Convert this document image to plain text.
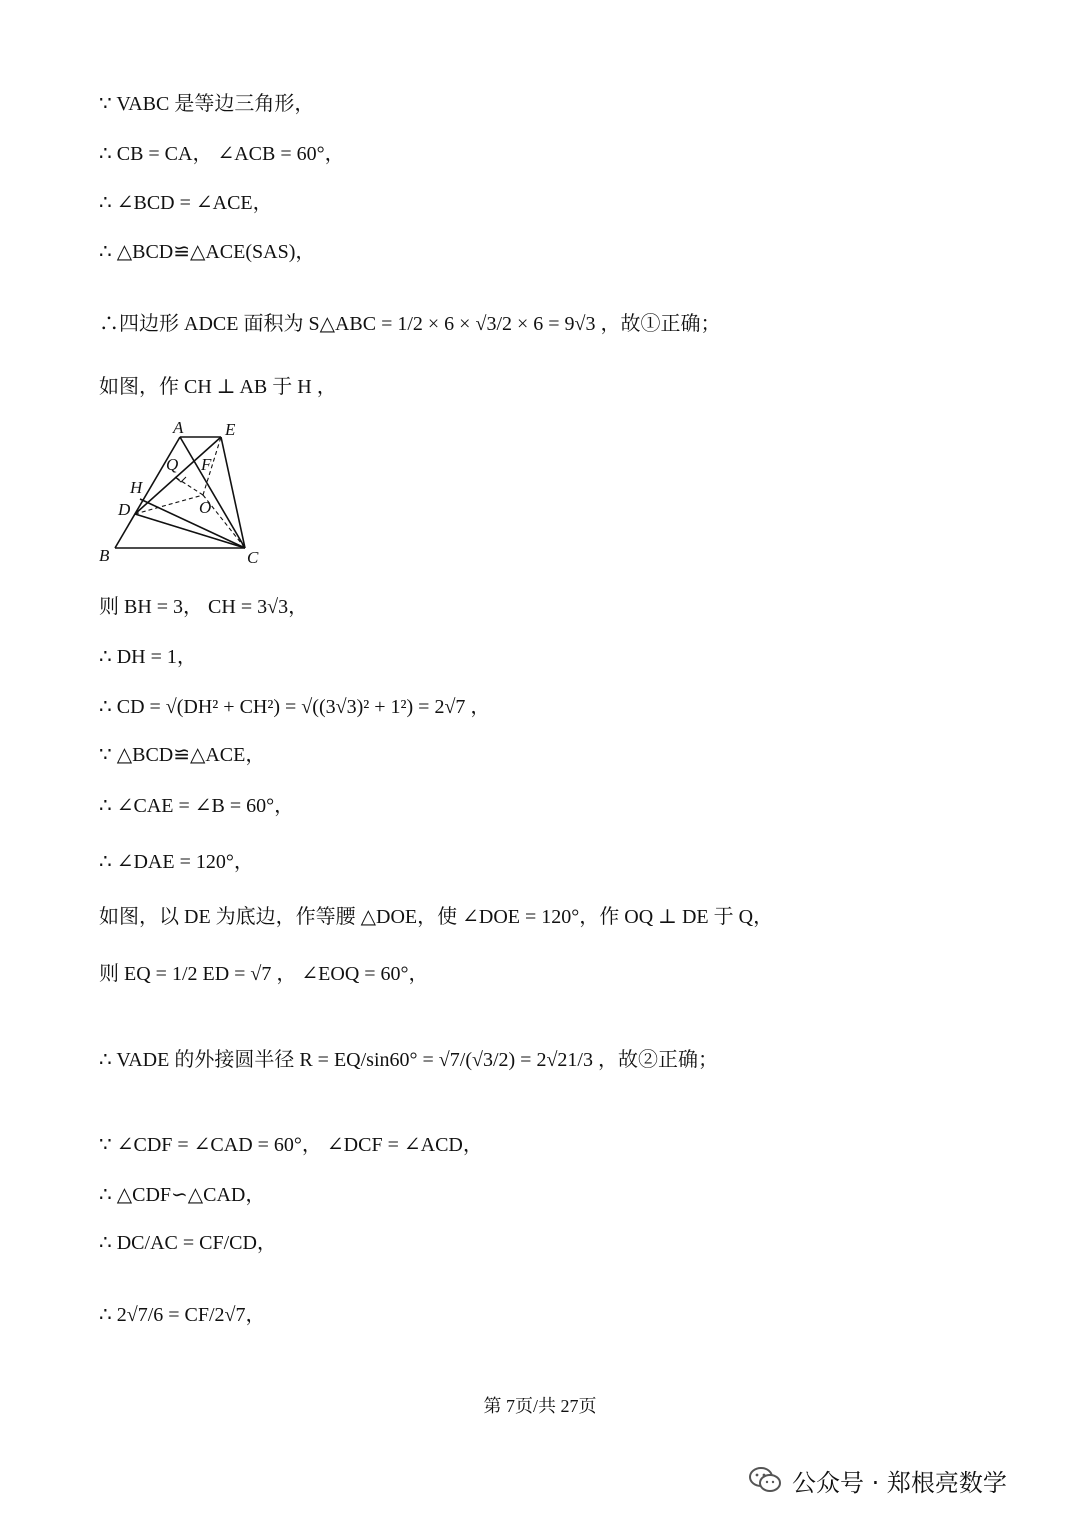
∵ VABC 是等边三角形，
∴ CB = CA， ∠ACB = 60°，
∴ ∠BCD = ∠ACE，
∴ △BCD≌△ACE(SAS)，
∴四边形 ADCE 面积为 S△ABC = 1/2 × 6 × √3/2 × 6 = 9√3 ，故①正确；
如图，作 CH ⊥ AB 于 H ，
A E
Q F
H
D	O
B	C
则 BH = 3， CH = 3√3，
∴ DH = 1，
∴ CD = √(DH² + CH²) = √((3√3)² + 1²) = 2√7 ，
∵ △BCD≌△ACE，
∴ ∠CAE = ∠B = 60°，
∴ ∠DAE = 120°，
如图，以 DE 为底边，作等腰 △DOE，使 ∠DOE = 120°，作 OQ ⊥ DE 于 Q，
则 EQ = 1/2 ED = √7 ， ∠EOQ = 60°，
∴ VADE 的外接圆半径 R = EQ/sin60° = √7/(√3/2) = 2√21/3 ，故②正确；
∵ ∠CDF = ∠CAD = 60°， ∠DCF = ∠ACD，
∴ △CDF∽△CAD，
∴ DC/AC = CF/CD，
∴ 2√7/6 = CF/2√7，
第 7页/共 27页
公众号 · 郑根亮数学
